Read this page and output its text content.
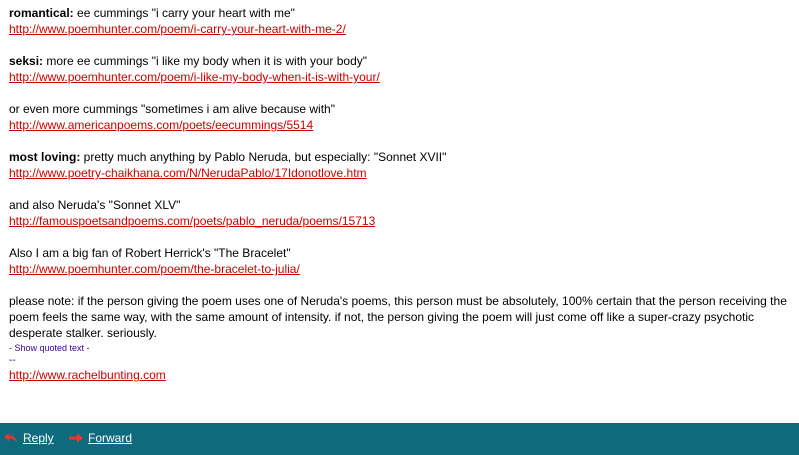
romantical: ee cummings "i carry your heart with me"
http://www.poemhunter.com/poem/i-carry-your-heart-with-me-2/
seksi: more ee cummings "i like my body when it is with your body"
http://www.poemhunter.com/poem/i-like-my-body-when-it-is-with-your/
or even more cummings "sometimes i am alive because with"
http://www.americanpoems.com/poets/eecummings/5514
most loving: pretty much anything by Pablo Neruda, but especially: "Sonnet XVII"
http://www.poetry-chaikhana.com/N/NerudaPablo/17Idonotlove.htm
and also Neruda's "Sonnet XLV"
http://famouspoetsandpoems.com/poets/pablo_neruda/poems/15713
Also I am a big fan of Robert Herrick's "The Bracelet"
http://www.poemhunter.com/poem/the-bracelet-to-julia/
please note: if the person giving the poem uses one of Neruda's poems, this person must be absolutely, 100% certain that the person receiving the poem feels the same way, with the same amount of intensity. if not, the person giving the poem will just come off like a super-crazy psychotic desperate stalker. seriously.
- Show quoted text -
--
http://www.rachelbunting.com
Reply	Forward
